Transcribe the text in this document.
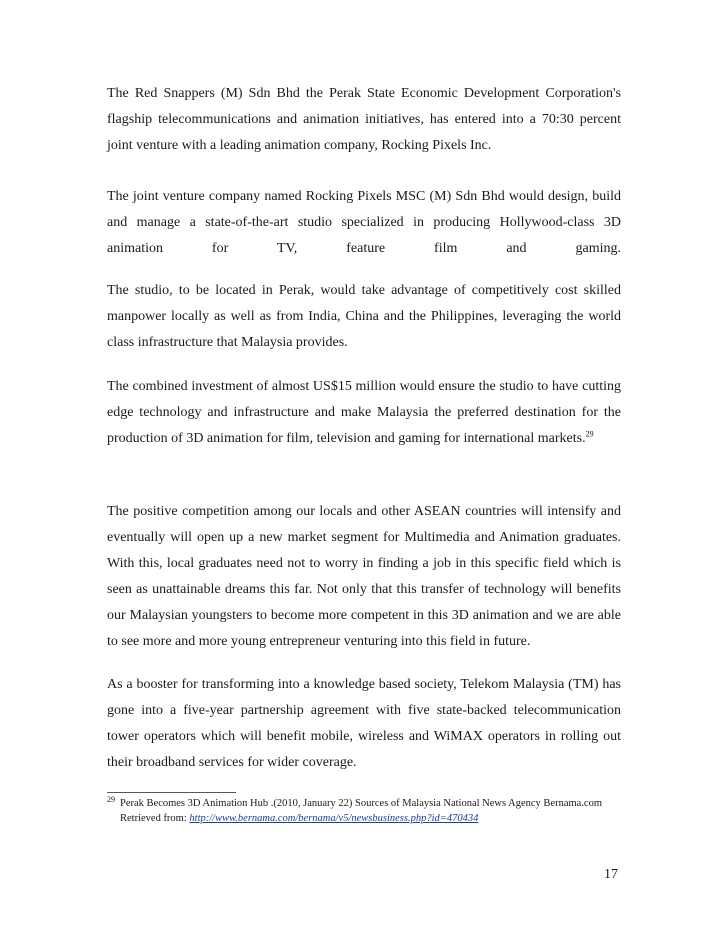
The Red Snappers (M) Sdn Bhd the Perak State Economic Development Corporation's flagship telecommunications and animation initiatives, has entered into a 70:30 percent joint venture with a leading animation company, Rocking Pixels Inc.

The joint venture company named Rocking Pixels MSC (M) Sdn Bhd would design, build and manage a state-of-the-art studio specialized in producing Hollywood-class 3D animation for TV, feature film and gaming.

The studio, to be located in Perak, would take advantage of competitively cost skilled manpower locally as well as from India, China and the Philippines, leveraging the world class infrastructure that Malaysia provides.

The combined investment of almost US$15 million would ensure the studio to have cutting edge technology and infrastructure and make Malaysia the preferred destination for the production of 3D animation for film, television and gaming for international markets.$^{29}$

The positive competition among our locals and other ASEAN countries will intensify and eventually will open up a new market segment for Multimedia and Animation graduates. With this, local graduates need not to worry in finding a job in this specific field which is seen as unattainable dreams this far. Not only that this transfer of technology will benefits our Malaysian youngsters to become more competent in this 3D animation and we are able to see more and more young entrepreneur venturing into this field in future.

As a booster for transforming into a knowledge based society, Telekom Malaysia (TM) has gone into a five-year partnership agreement with five state-backed telecommunication tower operators which will benefit mobile, wireless and WiMAX operators in rolling out their broadband services for wider coverage.

29 Perak Becomes 3D Animation Hub .(2010, January 22) Sources of Malaysia National News Agency Bernama.com
Retrieved from: http://www.bernama.com/bernama/v5/newsbusiness.php?id=470434
17
